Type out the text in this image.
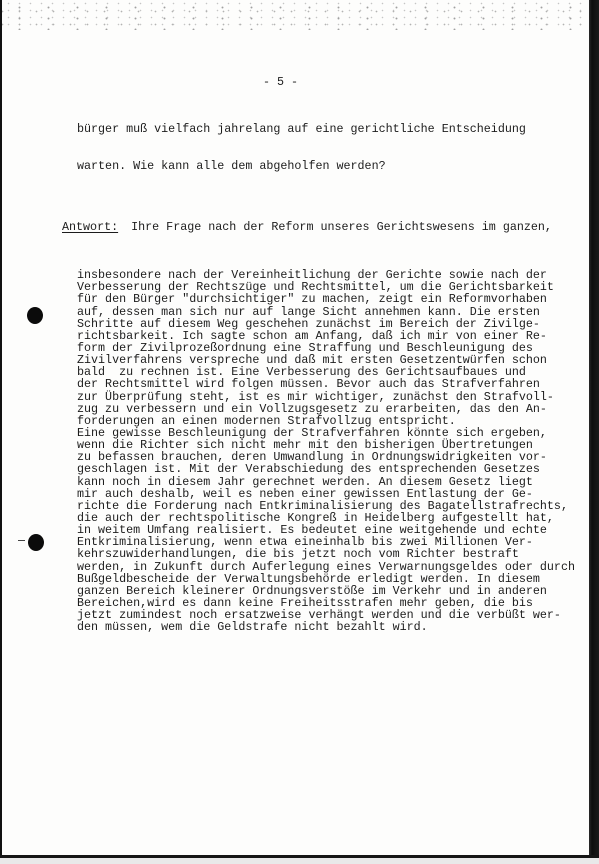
- 5 -

bürger muß vielfach jahrelang auf eine gerichtliche Entscheidung

warten. Wie kann alle dem abgeholfen werden?

Antwort: Ihre Frage nach der Reform unseres Gerichtswesens im ganzen,

insbesondere nach der Vereinheitlichung der Gerichte sowie nach der
Verbesserung der Rechtszüge und Rechtsmittel, um die Gerichtsbarkeit
für den Bürger "durchsichtiger" zu machen, zeigt ein Reformvorhaben
auf, dessen man sich nur auf lange Sicht annehmen kann. Die ersten
Schritte auf diesem Weg geschehen zunächst im Bereich der Zivilge-
richtsbarkeit. Ich sagte schon am Anfang, daß ich mir von einer Re-
form der Zivilprozeßordnung eine Straffung und Beschleunigung des
Zivilverfahrens verspreche und daß mit ersten Gesetzentwürfen schon
bald  zu rechnen ist. Eine Verbesserung des Gerichtsaufbaues und
der Rechtsmittel wird folgen müssen. Bevor auch das Strafverfahren
zur Überprüfung steht, ist es mir wichtiger, zunächst den Strafvoll-
zug zu verbessern und ein Vollzugsgesetz zu erarbeiten, das den An-
forderungen an einen modernen Strafvollzug entspricht.
Eine gewisse Beschleunigung der Strafverfahren könnte sich ergeben,
wenn die Richter sich nicht mehr mit den bisherigen Übertretungen
zu befassen brauchen, deren Umwandlung in Ordnungswidrigkeiten vor-
geschlagen ist. Mit der Verabschiedung des entsprechenden Gesetzes
kann noch in diesem Jahr gerechnet werden. An diesem Gesetz liegt
mir auch deshalb, weil es neben einer gewissen Entlastung der Ge-
richte die Forderung nach Entkriminalisierung des Bagatellstrafrechts,
die auch der rechtspolitische Kongreß in Heidelberg aufgestellt hat,
in weitem Umfang realisiert. Es bedeutet eine weitgehende und echte
Entkriminalisierung, wenn etwa eineinhalb bis zwei Millionen Ver-
kehrszuwiderhandlungen, die bis jetzt noch vom Richter bestraft
werden, in Zukunft durch Auferlegung eines Verwarnungsgeldes oder durch
Bußgeldbescheide der Verwaltungsbehörde erledigt werden. In diesem
ganzen Bereich kleinerer Ordnungsverstöße im Verkehr und in anderen
Bereichen,wird es dann keine Freiheitsstrafen mehr geben, die bis
jetzt zumindest noch ersatzweise verhängt werden und die verbüßt wer-
den müssen, wem die Geldstrafe nicht bezahlt wird.
